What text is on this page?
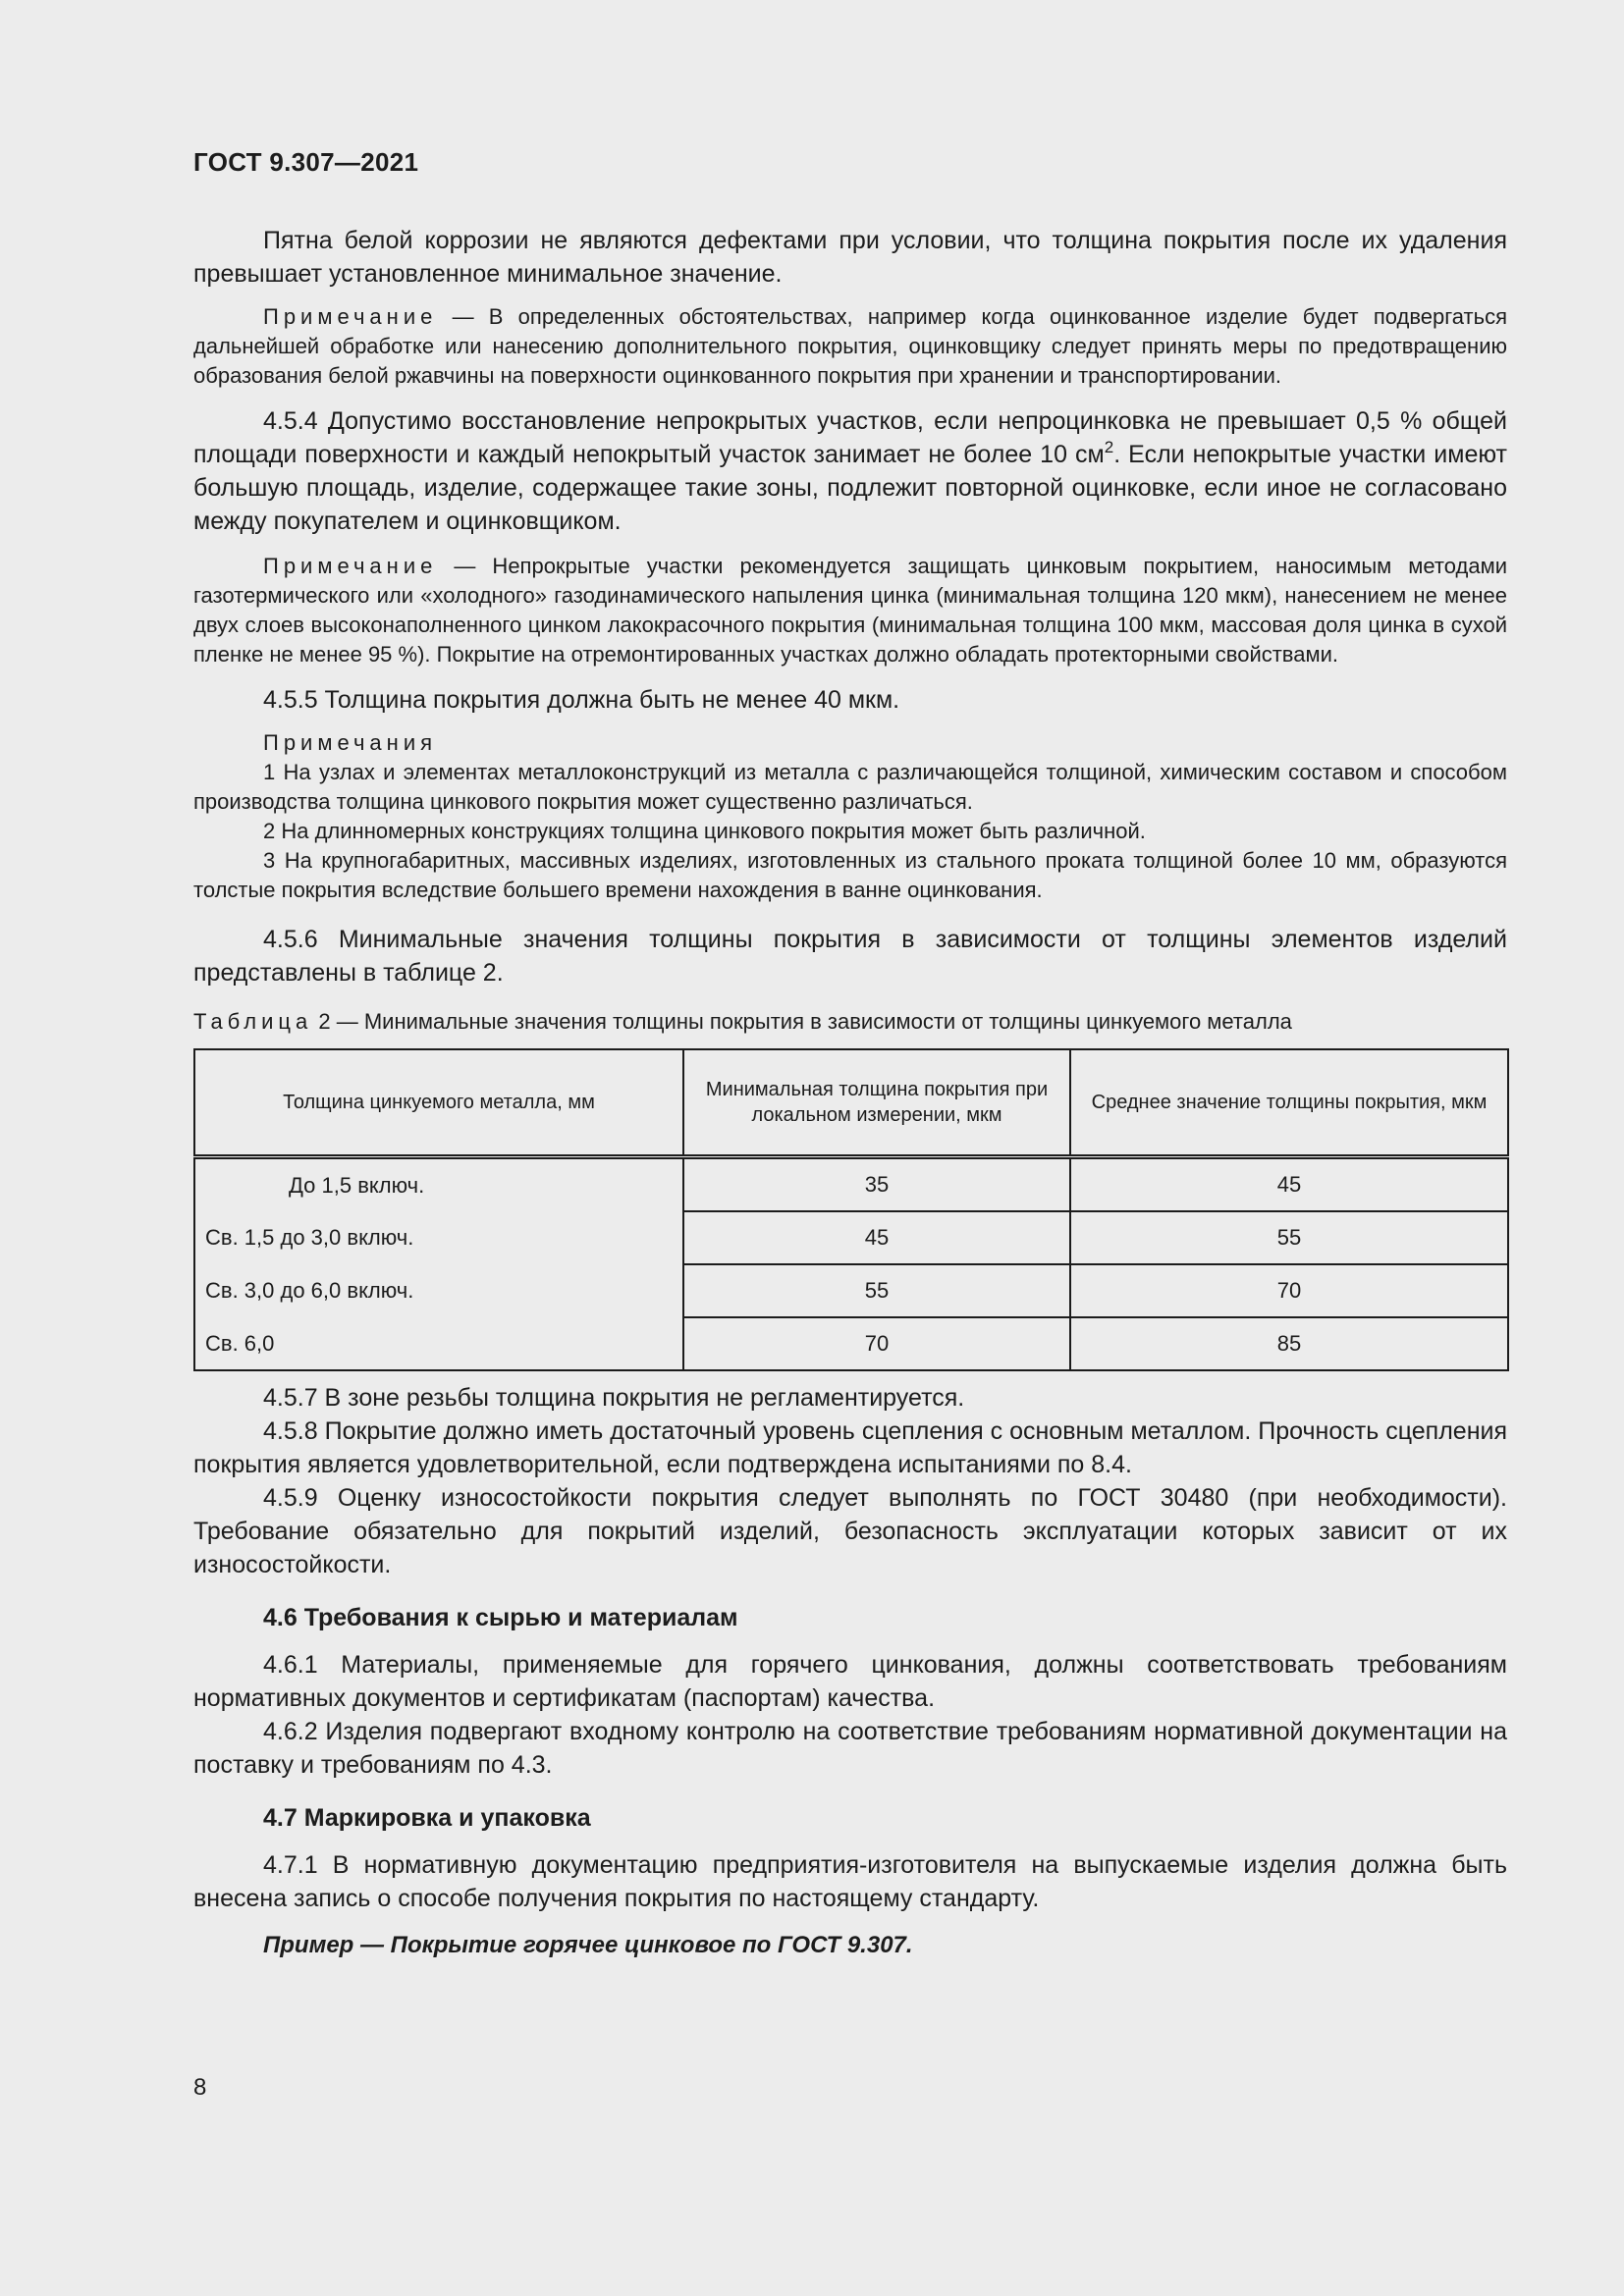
ГОСТ 9.307—2021

Пятна белой коррозии не являются дефектами при условии, что толщина покрытия после их удаления превышает установленное минимальное значение.

Примечание — В определенных обстоятельствах, например когда оцинкованное изделие будет подвергаться дальнейшей обработке или нанесению дополнительного покрытия, оцинковщику следует принять меры по предотвращению образования белой ржавчины на поверхности оцинкованного покрытия при хранении и транспортировании.

4.5.4 Допустимо восстановление непрокрытых участков, если непроцинковка не превышает 0,5 % общей площади поверхности и каждый непокрытый участок занимает не более 10 $см^2$. Если непокрытые участки имеют большую площадь, изделие, содержащее такие зоны, подлежит повторной оцинковке, если иное не согласовано между покупателем и оцинковщиком.

Примечание — Непрокрытые участки рекомендуется защищать цинковым покрытием, наносимым методами газотермического или «холодного» газодинамического напыления цинка (минимальная толщина 120 мкм), нанесением не менее двух слоев высоконаполненного цинком лакокрасочного покрытия (минимальная толщина 100 мкм, массовая доля цинка в сухой пленке не менее 95 %). Покрытие на отремонтированных участках должно обладать протекторными свойствами.

4.5.5 Толщина покрытия должна быть не менее 40 мкм.

Примечания

1 На узлах и элементах металлоконструкций из металла с различающейся толщиной, химическим составом и способом производства толщина цинкового покрытия может существенно различаться.

2 На длинномерных конструкциях толщина цинкового покрытия может быть различной.

3 На крупногабаритных, массивных изделиях, изготовленных из стального проката толщиной более 10 мм, образуются толстые покрытия вследствие большего времени нахождения в ванне оцинкования.

4.5.6 Минимальные значения толщины покрытия в зависимости от толщины элементов изделий представлены в таблице 2.

Таблица 2 — Минимальные значения толщины покрытия в зависимости от толщины цинкуемого металла

Толщина цинкуемого металла, мм	Минимальная толщина покрытия при локальном измерении, мкм	Среднее значение толщины покрытия, мкм
До 1,5 включ.	35	45
Св. 1,5 до 3,0 включ.	45	55
Св. 3,0 до 6,0 включ.	55	70
Св. 6,0	70	85

4.5.7 В зоне резьбы толщина покрытия не регламентируется.

4.5.8 Покрытие должно иметь достаточный уровень сцепления с основным металлом. Прочность сцепления покрытия является удовлетворительной, если подтверждена испытаниями по 8.4.

4.5.9 Оценку износостойкости покрытия следует выполнять по ГОСТ 30480 (при необходимости). Требование обязательно для покрытий изделий, безопасность эксплуатации которых зависит от их износостойкости.

4.6 Требования к сырью и материалам

4.6.1 Материалы, применяемые для горячего цинкования, должны соответствовать требованиям нормативных документов и сертификатам (паспортам) качества.

4.6.2 Изделия подвергают входному контролю на соответствие требованиям нормативной документации на поставку и требованиям по 4.3.

4.7 Маркировка и упаковка

4.7.1 В нормативную документацию предприятия-изготовителя на выпускаемые изделия должна быть внесена запись о способе получения покрытия по настоящему стандарту.

Пример — Покрытие горячее цинковое по ГОСТ 9.307.

8
